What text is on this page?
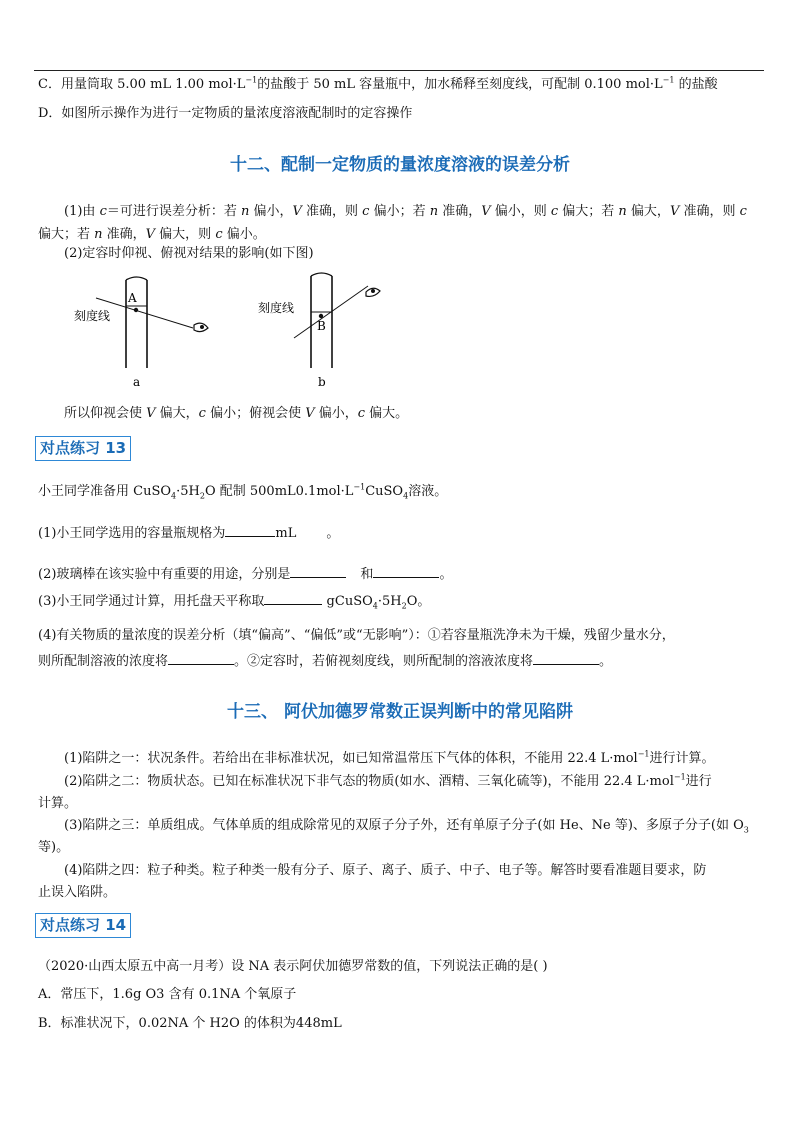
C．用量筒取 5.00 mL 1.00 $mol\cdot L^{-1}$的盐酸于 50 mL 容量瓶中，加水稀释至刻度线，可配制 0.100 $mol\cdot L^{-1}$ 的盐酸
D．如图所示操作为进行一定物质的量浓度溶液配制时的定容操作
十二、配制一定物质的量浓度溶液的误差分析
(1)由 c＝可进行误差分析：若 n 偏小，V 准确，则 c 偏小；若 n 准确，V 偏小，则 c 偏大；若 n 偏大，V 准确，则 c
偏大；若 n 准确，V 偏大，则 c 偏小。
(2)定容时仰视、俯视对结果的影响(如下图)
A
刻度线
a
B
刻度线
b
所以仰视会使 V 偏大，c 偏小；俯视会使 V 偏小，c 偏大。
对点练习 13
小王同学准备用 $CuSO_4\cdot 5H_2O$ 配制 $500mL0.1mol\cdot L^{-1}CuSO_4$溶液。
(1)小王同学选用的容量瓶规格为	mL 。
(2)玻璃棒在该实验中有重要的用途，分别是	和	。
(3)小王同学通过计算，用托盘天平称取	$gCuSO_4\cdot 5H_2O$。
(4)有关物质的量浓度的误差分析（填“偏高”、“偏低”或“无影响”）：①若容量瓶洗净未为干燥，残留少量水分，
则所配制溶液的浓度将	。②定容时，若俯视刻度线，则所配制的溶液浓度将	。
十三、 阿伏加德罗常数正误判断中的常见陷阱
(1)陷阱之一：状况条件。若给出在非标准状况，如已知常温常压下气体的体积，不能用 22.4 L·mol$^{-1}$进行计算。
(2)陷阱之二：物质状态。已知在标准状况下非气态的物质(如水、酒精、三氧化硫等)，不能用 22.4 L·mol$^{-1}$进行
计算。
(3)陷阱之三：单质组成。气体单质的组成除常见的双原子分子外，还有单原子分子(如 He、Ne 等)、多原子分子(如 $O_3$
等)。
(4)陷阱之四：粒子种类。粒子种类一般有分子、原子、离子、质子、中子、电子等。解答时要看准题目要求，防
止误入陷阱。
对点练习 14
（2020·山西太原五中高一月考）设 NA 表示阿伏加德罗常数的值，下列说法正确的是( )
A．常压下，1.6g O3 含有 0.1NA 个氧原子
B．标准状况下，0.02NA 个 H2O 的体积为448mL
